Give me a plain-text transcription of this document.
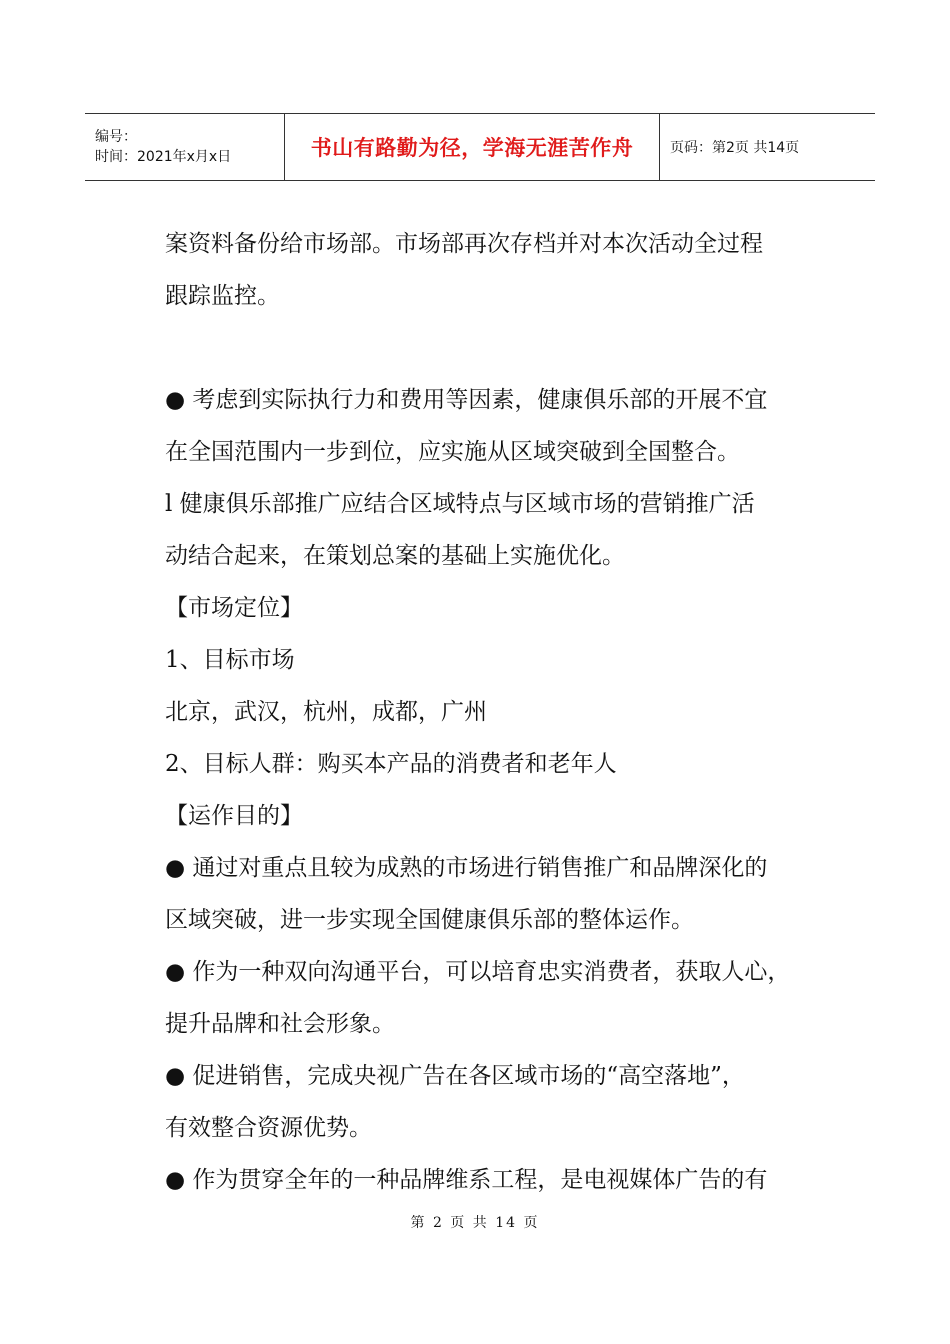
编号：
时间：2021年x月x日	书山有路勤为径，学海无涯苦作舟	页码：第2页 共14页

案资料备份给市场部。市场部再次存档并对本次活动全过程

跟踪监控。

● 考虑到实际执行力和费用等因素，健康俱乐部的开展不宜

在全国范围内一步到位，应实施从区域突破到全国整合。

l 健康俱乐部推广应结合区域特点与区域市场的营销推广活

动结合起来，在策划总案的基础上实施优化。

【市场定位】

1、目标市场

北京，武汉，杭州，成都，广州

2、目标人群：购买本产品的消费者和老年人

【运作目的】

● 通过对重点且较为成熟的市场进行销售推广和品牌深化的

区域突破，进一步实现全国健康俱乐部的整体运作。

● 作为一种双向沟通平台，可以培育忠实消费者，获取人心，

提升品牌和社会形象。

● 促进销售，完成央视广告在各区域市场的“高空落地”，

有效整合资源优势。

● 作为贯穿全年的一种品牌维系工程，是电视媒体广告的有

第 2 页 共 14 页
